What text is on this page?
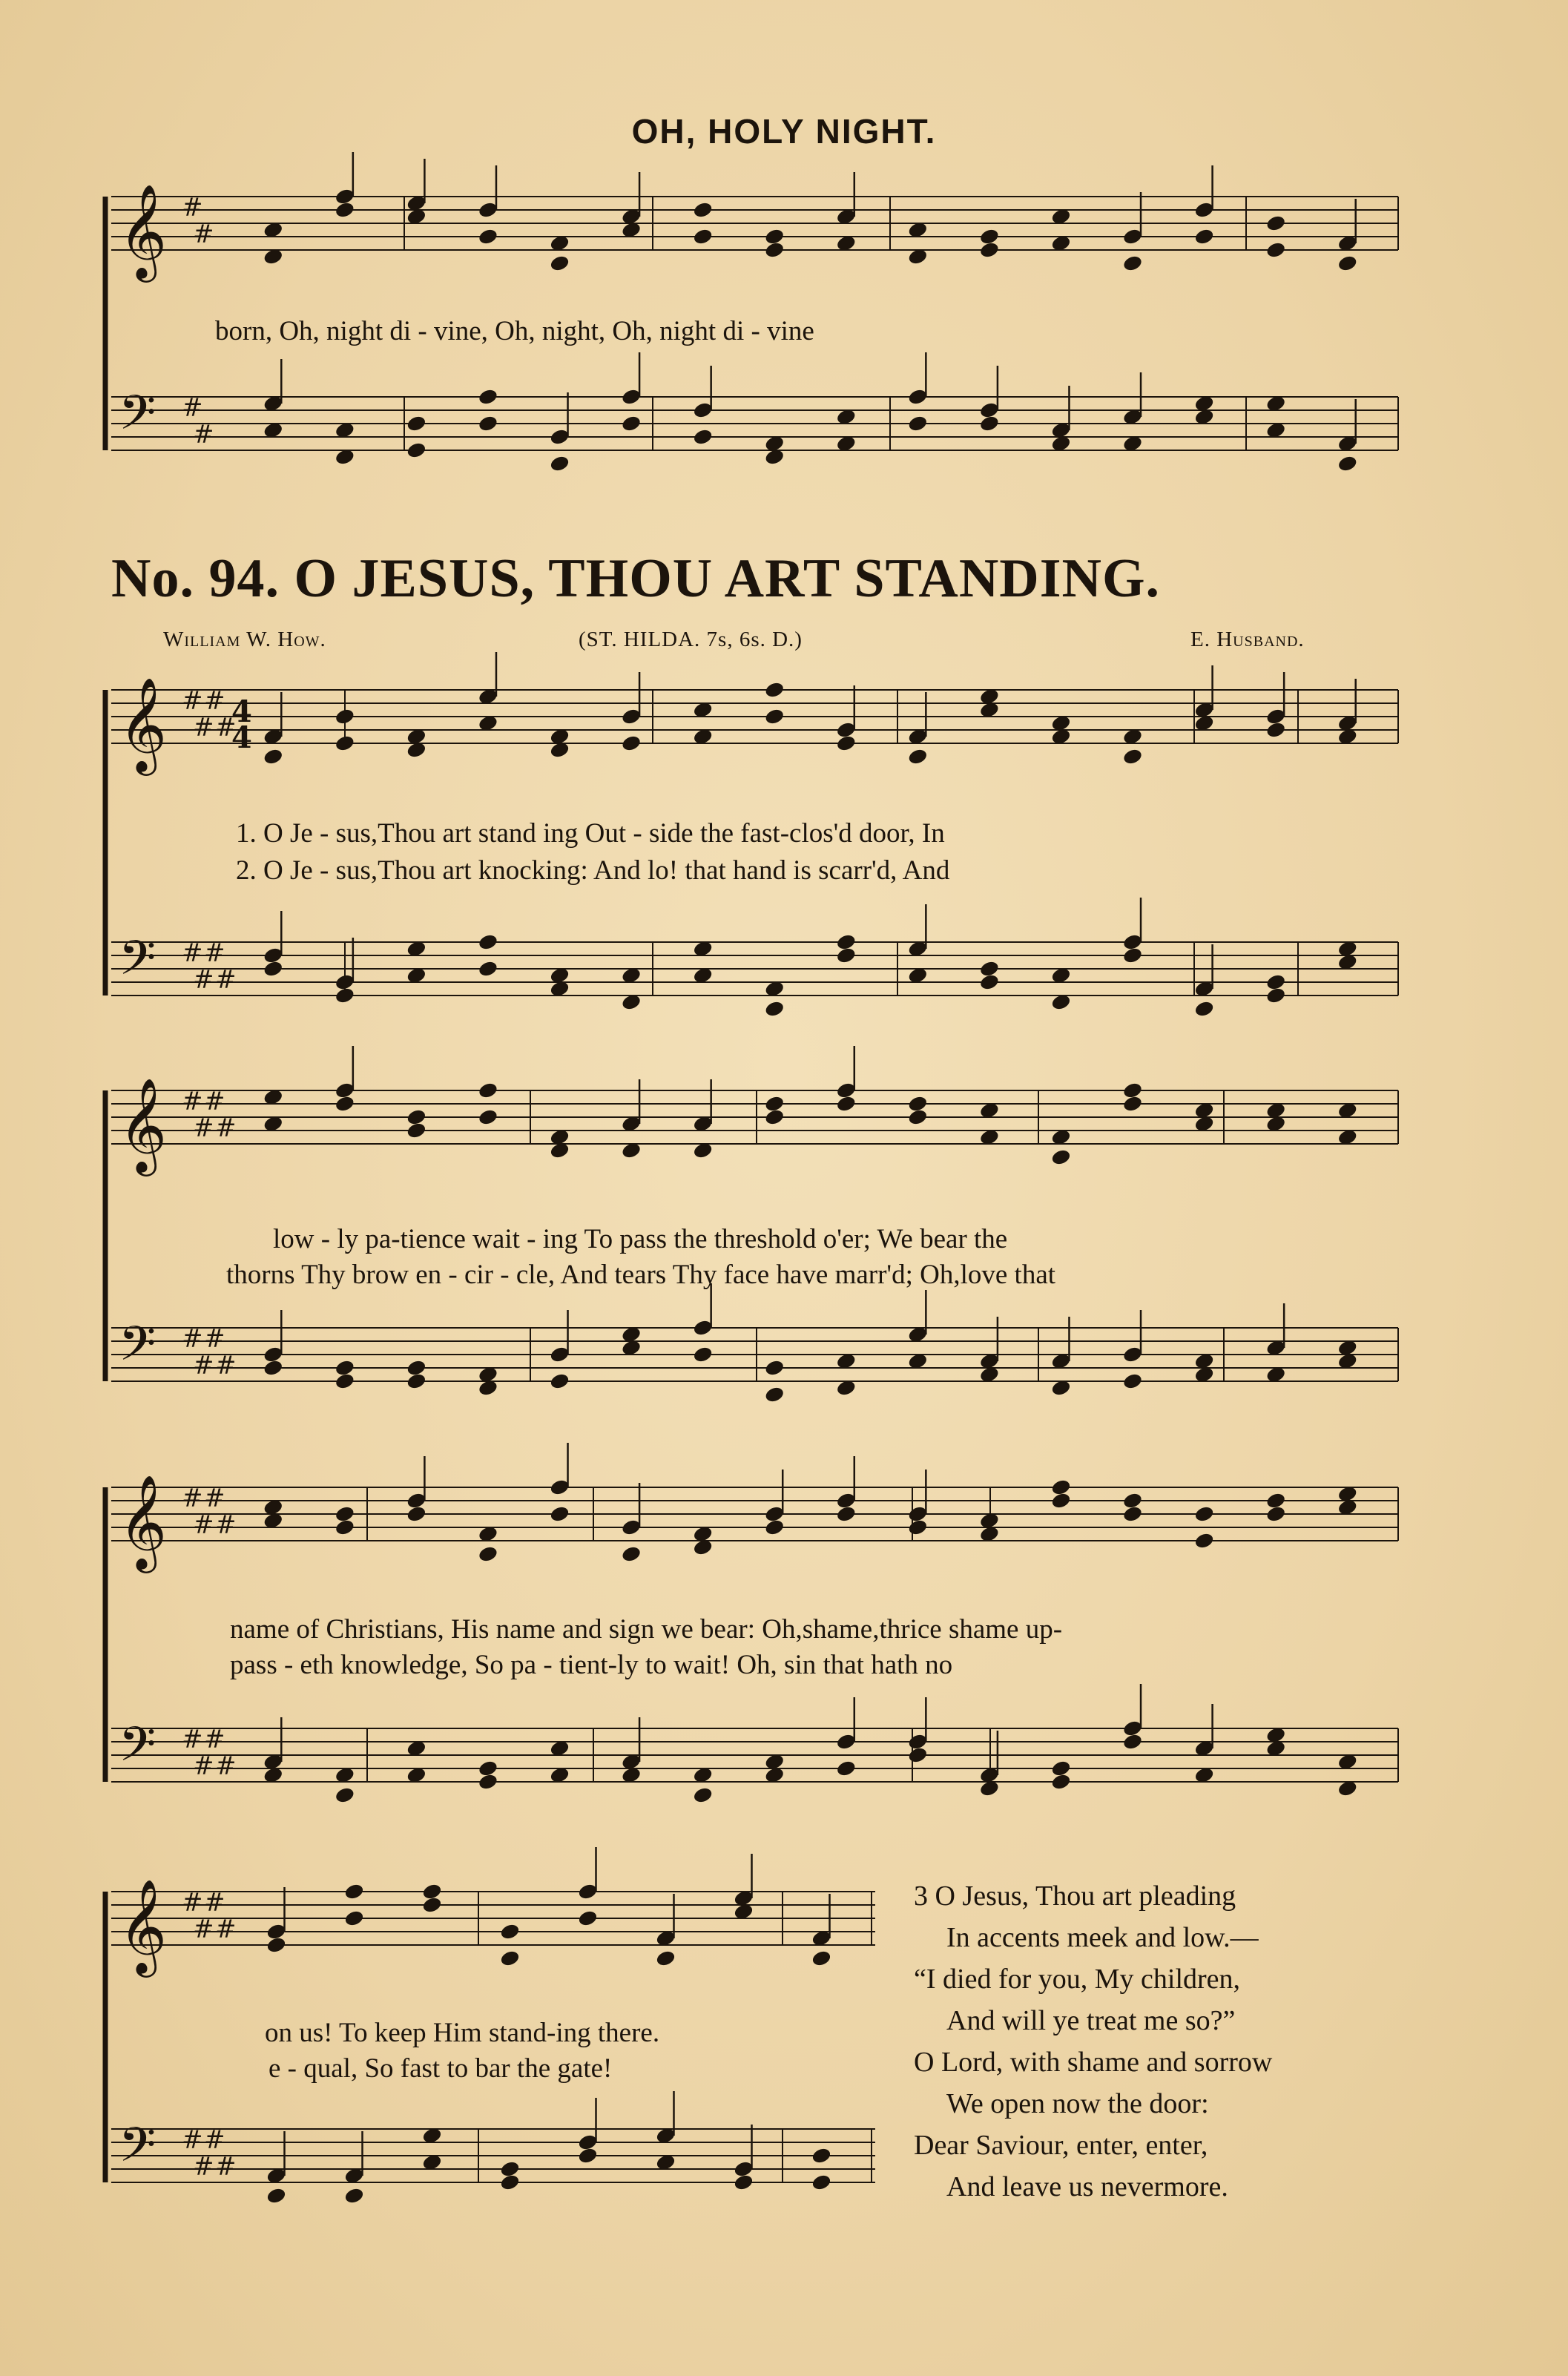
𝄞
𝄢
#
#
#
#
𝄞
𝄢
#
#
#
#
#
#
#
#
𝄞
𝄢
#
#
#
#
#
#
#
#
𝄞
𝄢
#
#
#
#
#
#
#
#
𝄞
𝄢
#
#
#
#
#
#
#
#
4
4
OH, HOLY NIGHT.
born, Oh, night di - vine, Oh, night, Oh, night di - vine
No. 94. O JESUS, THOU ART STANDING.
William W. How.	(ST. HILDA. 7s, 6s. D.)	E. Husband.
1. O Je - sus,Thou art stand ing Out - side the fast-clos'd door, In
2. O Je - sus,Thou art knocking: And lo! that hand is scarr'd, And
low - ly pa-tience wait - ing To pass the threshold o'er; We bear the
thorns Thy brow en - cir - cle, And tears Thy face have marr'd; Oh,love that
name of Christians, His name and sign we bear: Oh,shame,thrice shame up-
pass - eth knowledge, So pa - tient-ly to wait! Oh, sin that hath no
on us! To keep Him stand-ing there.
e - qual, So fast to bar the gate!
3 O Jesus, Thou art pleading
In accents meek and low.—
“I died for you, My children,
And will ye treat me so?”
O Lord, with shame and sorrow
We open now the door:
Dear Saviour, enter, enter,
And leave us nevermore.
